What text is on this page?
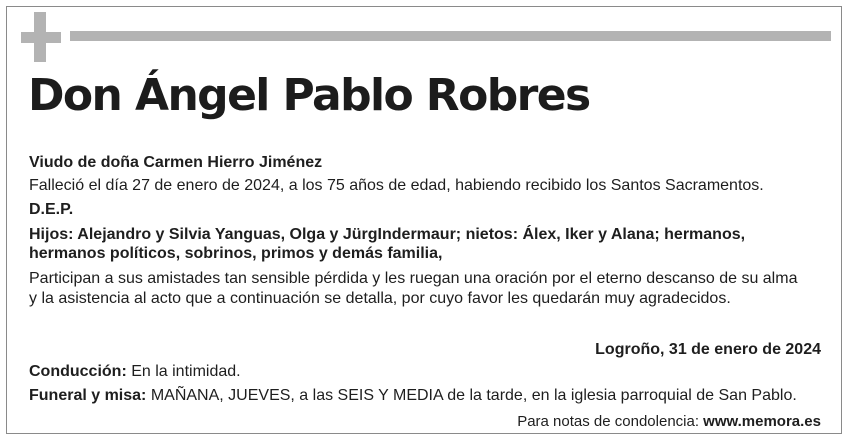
Don Ángel Pablo Robres

Viudo de doña Carmen Hierro Jiménez

Falleció el día 27 de enero de 2024, a los 75 años de edad, habiendo recibido los Santos Sacramentos.

D.E.P.

Hijos: Alejandro y Silvia Yanguas, Olga y JürgIndermaur; nietos: Álex, Iker y Alana; hermanos,

hermanos políticos, sobrinos, primos y demás familia,

Participan a sus amistades tan sensible pérdida y les ruegan una oración por el eterno descanso de su alma

y la asistencia al acto que a continuación se detalla, por cuyo favor les quedarán muy agradecidos.

Logroño, 31 de enero de 2024

Conducción: En la intimidad.

Funeral y misa: MAÑANA, JUEVES, a las SEIS Y MEDIA de la tarde, en la iglesia parroquial de San Pablo.

Para notas de condolencia: www.memora.es
